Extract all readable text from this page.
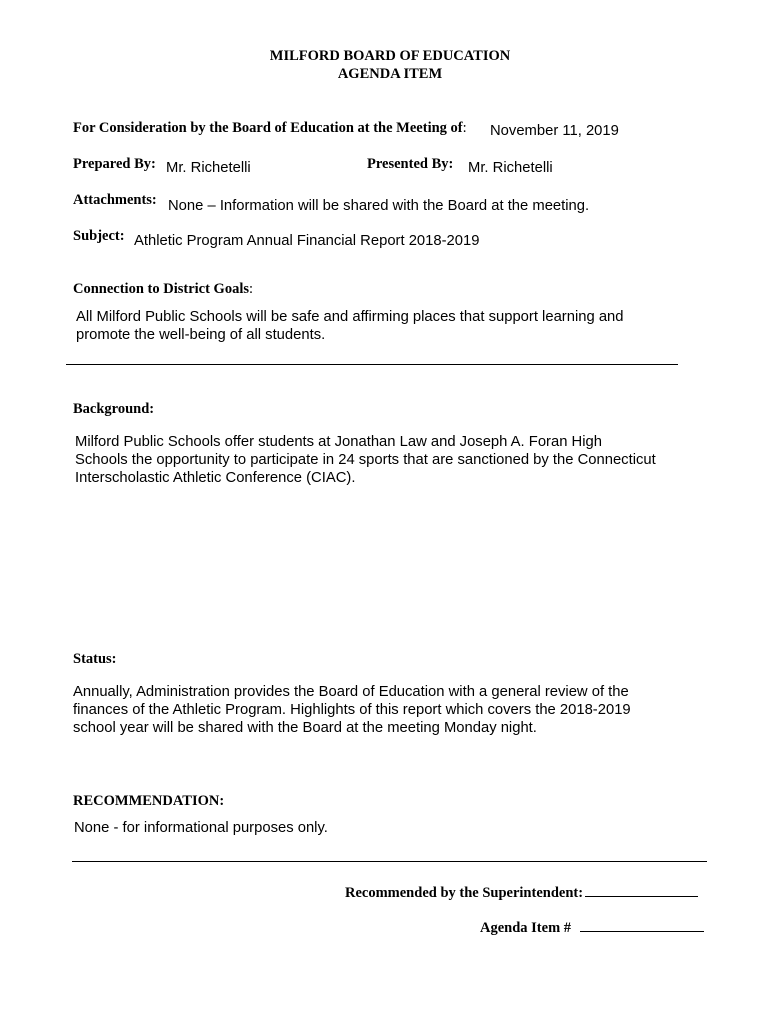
MILFORD BOARD OF EDUCATION
AGENDA ITEM
For Consideration by the Board of Education at the Meeting of: November 11, 2019
Prepared By: Mr. Richetelli	Presented By: Mr. Richetelli
Attachments: None – Information will be shared with the Board at the meeting.
Subject: Athletic Program Annual Financial Report 2018-2019
Connection to District Goals:
All Milford Public Schools will be safe and affirming places that support learning and
promote the well-being of all students.
Background:
Milford Public Schools offer students at Jonathan Law and Joseph A. Foran High
Schools the opportunity to participate in 24 sports that are sanctioned by the Connecticut
Interscholastic Athletic Conference (CIAC).
Status:
Annually, Administration provides the Board of Education with a general review of the
finances of the Athletic Program. Highlights of this report which covers the 2018-2019
school year will be shared with the Board at the meeting Monday night.
RECOMMENDATION:
None - for informational purposes only.
Recommended by the Superintendent:
Agenda Item #
